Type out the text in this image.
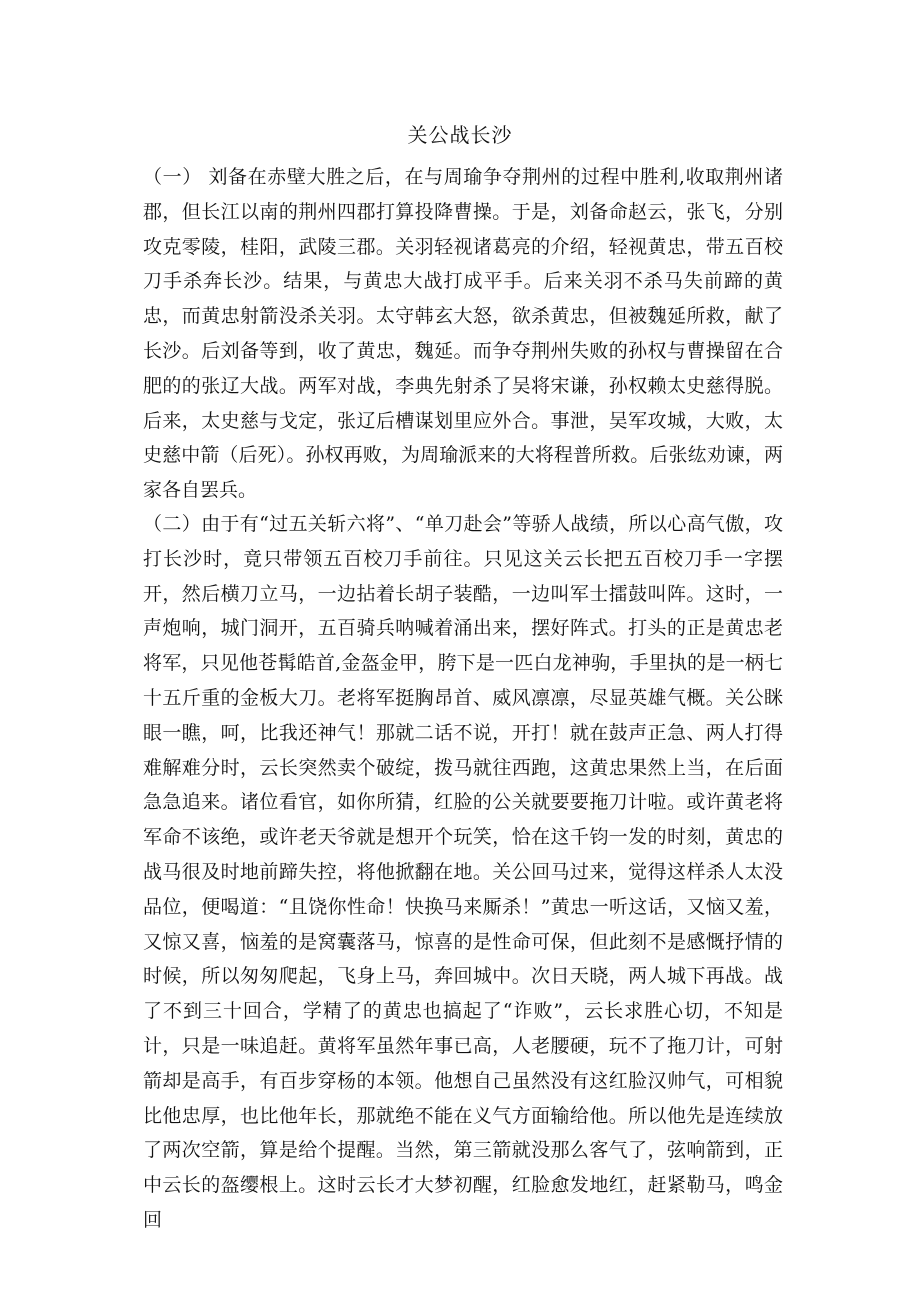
关公战长沙
（一） 刘备在赤壁大胜之后，在与周瑜争夺荆州的过程中胜利,收取荆州诸郡，但长江以南的荆州四郡打算投降曹操。于是，刘备命赵云，张飞，分别攻克零陵，桂阳，武陵三郡。关羽轻视诸葛亮的介绍，轻视黄忠，带五百校刀手杀奔长沙。结果，与黄忠大战打成平手。后来关羽不杀马失前蹄的黄忠，而黄忠射箭没杀关羽。太守韩玄大怒，欲杀黄忠，但被魏延所救，献了长沙。后刘备等到，收了黄忠，魏延。而争夺荆州失败的孙权与曹操留在合肥的的张辽大战。两军对战，李典先射杀了吴将宋谦，孙权赖太史慈得脱。后来，太史慈与戈定，张辽后槽谋划里应外合。事泄，吴军攻城，大败，太史慈中箭（后死）。孙权再败，为周瑜派来的大将程普所救。后张纮劝谏，两家各自罢兵。
（二）由于有“过五关斩六将”、“单刀赴会”等骄人战绩，所以心高气傲，攻打长沙时，竟只带领五百校刀手前往。只见这关云长把五百校刀手一字摆开，然后横刀立马，一边拈着长胡子装酷，一边叫军士擂鼓叫阵。这时，一声炮响，城门洞开，五百骑兵呐喊着涌出来，摆好阵式。打头的正是黄忠老将军，只见他苍髯皓首,金盔金甲，胯下是一匹白龙神驹，手里执的是一柄七十五斤重的金板大刀。老将军挺胸昂首、威风凛凛，尽显英雄气概。关公眯眼一瞧，呵，比我还神气！那就二话不说，开打！就在鼓声正急、两人打得难解难分时，云长突然卖个破绽，拨马就往西跑，这黄忠果然上当，在后面急急追来。诸位看官，如你所猜，红脸的公关就要要拖刀计啦。或许黄老将军命不该绝，或许老天爷就是想开个玩笑，恰在这千钧一发的时刻，黄忠的战马很及时地前蹄失控，将他掀翻在地。关公回马过来，觉得这样杀人太没品位，便喝道：“且饶你性命！快换马来厮杀！”黄忠一听这话，又恼又羞，又惊又喜，恼羞的是窝囊落马，惊喜的是性命可保，但此刻不是感慨抒情的时候，所以匆匆爬起，飞身上马，奔回城中。次日天晓，两人城下再战。战了不到三十回合，学精了的黄忠也搞起了“诈败”，云长求胜心切，不知是计，只是一味追赶。黄将军虽然年事已高，人老腰硬，玩不了拖刀计，可射箭却是高手，有百步穿杨的本领。他想自己虽然没有这红脸汉帅气，可相貌比他忠厚，也比他年长，那就绝不能在义气方面输给他。所以他先是连续放了两次空箭，算是给个提醒。当然，第三箭就没那么客气了，弦响箭到，正中云长的盔缨根上。这时云长才大梦初醒，红脸愈发地红，赶紧勒马，鸣金回
